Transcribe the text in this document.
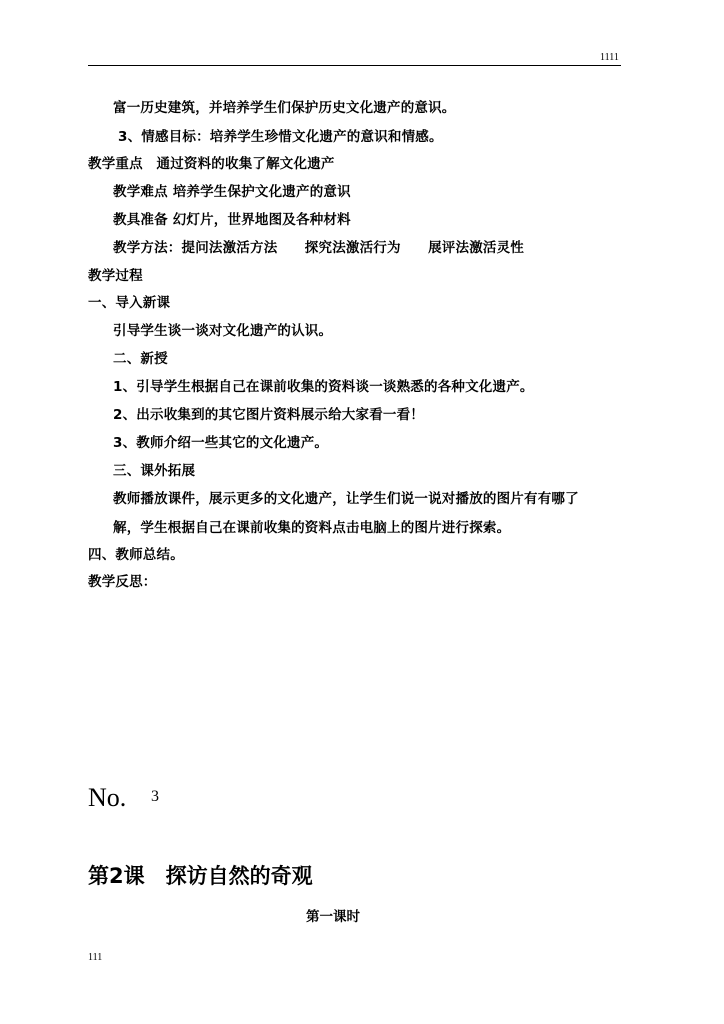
1111
富一历史建筑，并培养学生们保护历史文化遗产的意识。
3、情感目标：培养学生珍惜文化遗产的意识和情感。
教学重点　通过资料的收集了解文化遗产
教学难点 培养学生保护文化遗产的意识
教具准备 幻灯片，世界地图及各种材料
教学方法：提问法激活方法　　探究法激活行为　　展评法激活灵性
教学过程
一、导入新课
引导学生谈一谈对文化遗产的认识。
二、新授
1、引导学生根据自己在课前收集的资料谈一谈熟悉的各种文化遗产。
2、出示收集到的其它图片资料展示给大家看一看！
3、教师介绍一些其它的文化遗产。
三、课外拓展
教师播放课件，展示更多的文化遗产，让学生们说一说对播放的图片有有哪了
解，学生根据自己在课前收集的资料点击电脑上的图片进行探索。
四、教师总结。
教学反思：
No. 3
第2课　探访自然的奇观
第一课时
111
